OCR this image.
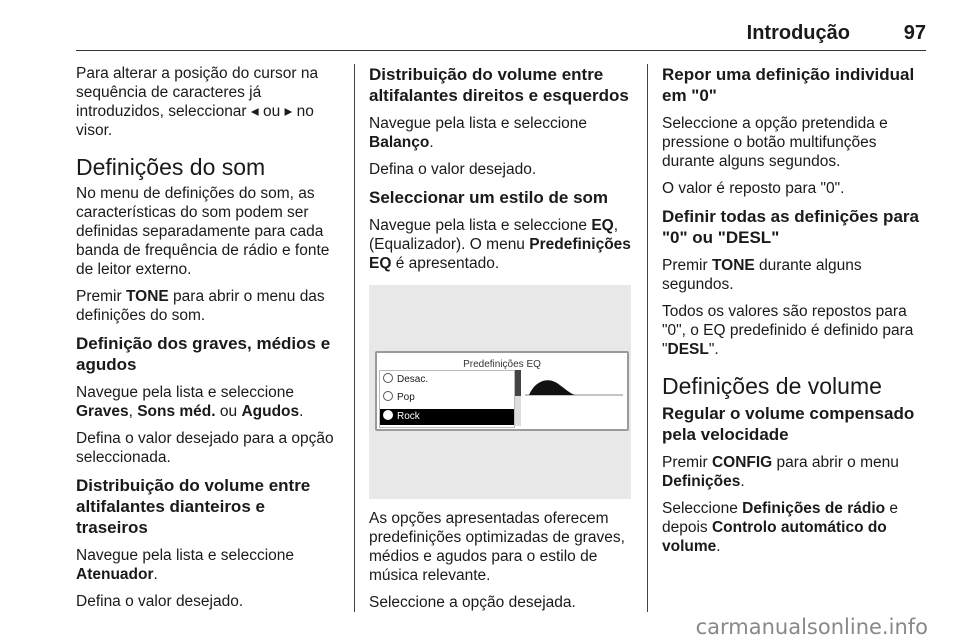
Introdução	97

Para alterar a posição do cursor na sequência de caracteres já introduzidos, seleccionar ◂ ou ▸ no visor.

Definições do som

No menu de definições do som, as características do som podem ser definidas separadamente para cada banda de frequência de rádio e fonte de leitor externo.

Premir TONE para abrir o menu das definições do som.

Definição dos graves, médios e agudos

Navegue pela lista e seleccione
Graves, Sons méd. ou Agudos.

Defina o valor desejado para a opção seleccionada.

Distribuição do volume entre altifalantes dianteiros e traseiros

Navegue pela lista e seleccione
Atenuador.

Defina o valor desejado.

Distribuição do volume entre altifalantes direitos e esquerdos

Navegue pela lista e seleccione
Balanço.

Defina o valor desejado.

Seleccionar um estilo de som

Navegue pela lista e seleccione EQ, (Equalizador). O menu Predefinições EQ é apresentado.

Predefinições EQ
Desac.
Pop
Rock

As opções apresentadas oferecem predefinições optimizadas de graves, médios e agudos para o estilo de música relevante.

Seleccione a opção desejada.

Repor uma definição individual em "0"

Seleccione a opção pretendida e pressione o botão multifunções durante alguns segundos.

O valor é reposto para "0".

Definir todas as definições para "0" ou "DESL"

Premir TONE durante alguns segundos.

Todos os valores são repostos para "0", o EQ predefinido é definido para "DESL".

Definições de volume
Regular o volume compensado pela velocidade

Premir CONFIG para abrir o menu Definições.

Seleccione Definições de rádio e depois Controlo automático do volume.

carmanualsonline.info
